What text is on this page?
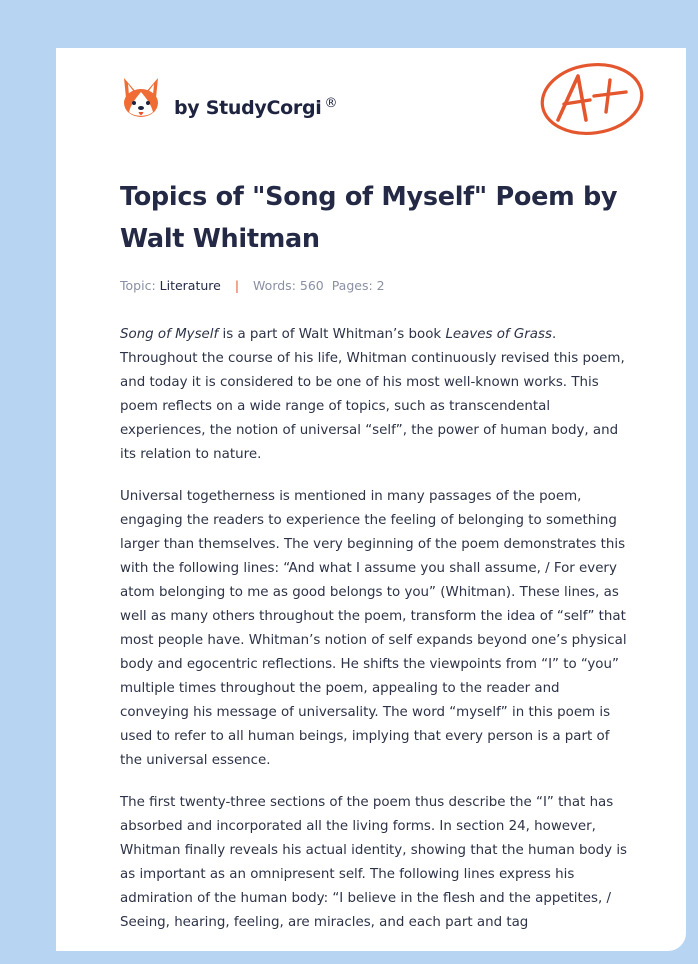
by StudyCorgi ®
Topics of "Song of Myself" Poem by Walt Whitman
Topic: Literature | Words: 560 Pages: 2

Song of Myself is a part of Walt Whitman’s book Leaves of Grass. Throughout the course of his life, Whitman continuously revised this poem, and today it is considered to be one of his most well-known works. This poem reflects on a wide range of topics, such as transcendental experiences, the notion of universal “self”, the power of human body, and its relation to nature.

Universal togetherness is mentioned in many passages of the poem, engaging the readers to experience the feeling of belonging to something larger than themselves. The very beginning of the poem demonstrates this with the following lines: “And what I assume you shall assume, / For every atom belonging to me as good belongs to you” (Whitman). These lines, as well as many others throughout the poem, transform the idea of “self” that most people have. Whitman’s notion of self expands beyond one’s physical body and egocentric reflections. He shifts the viewpoints from “I” to “you” multiple times throughout the poem, appealing to the reader and conveying his message of universality. The word “myself” in this poem is used to refer to all human beings, implying that every person is a part of the universal essence.

The first twenty-three sections of the poem thus describe the “I” that has absorbed and incorporated all the living forms. In section 24, however, Whitman finally reveals his actual identity, showing that the human body is as important as an omnipresent self. The following lines express his admiration of the human body: “I believe in the flesh and the appetites, / Seeing, hearing, feeling, are miracles, and each part and tag
